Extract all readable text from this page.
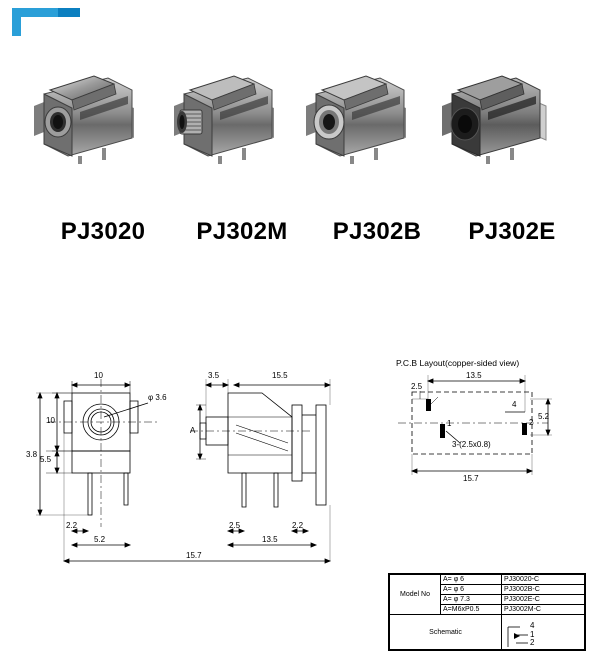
PJ3020	PJ302M	PJ302B	PJ302E
10
φ 3.6
10
5.5
3.8
2.2
5.2
15.7
3.5	15.5
A
2.5	2.2
13.5
P.C.B Layout(copper-sided view)
13.5
2.5
5.2
15.7
3-(2.5x0.8)
1	2
4
4
1
2
Model No	A= φ 6	PJ30020-C
	A= φ 6	PJ3002B-C
	A= φ 7.3	PJ3002E-C
	A=M6xP0.5	PJ3002M-C
Schematic		
